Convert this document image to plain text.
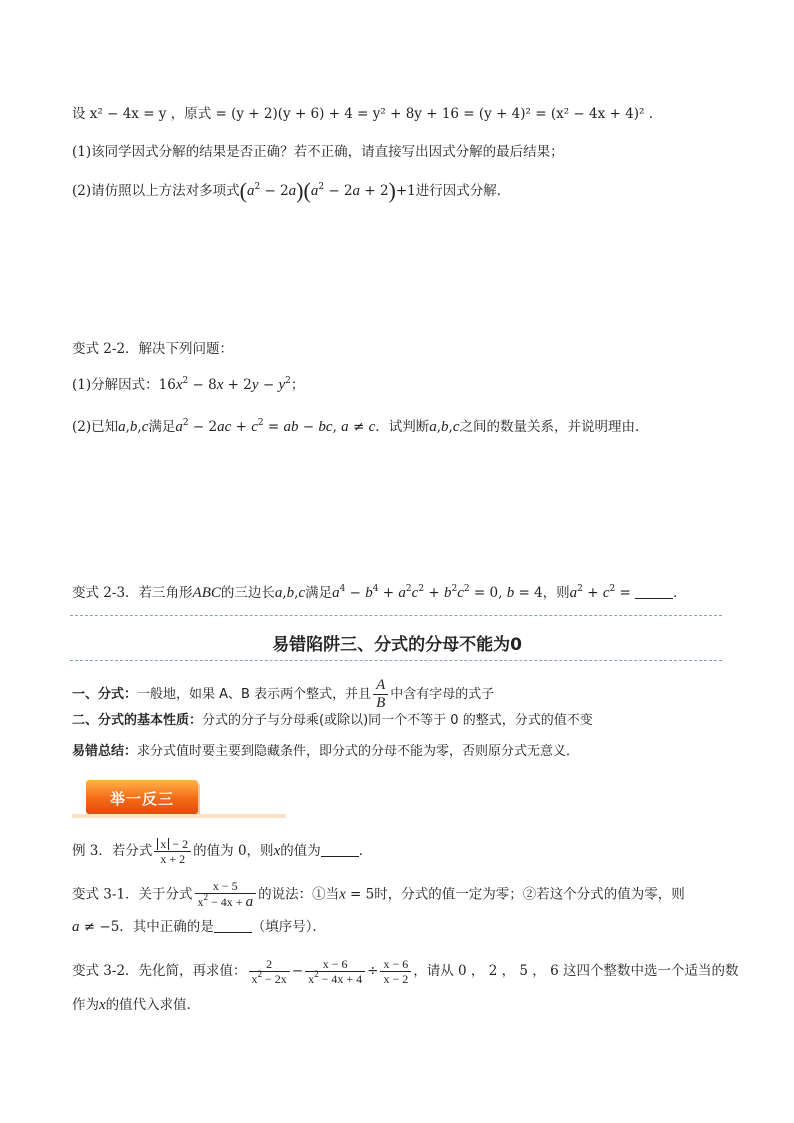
设 x² − 4x = y ，原式 = (y + 2)(y + 6) + 4 = y² + 8y + 16 = (y + 4)² = (x² − 4x + 4)² .
(1)该同学因式分解的结果是否正确？若不正确，请直接写出因式分解的最后结果；
(2)请仿照以上方法对多项式$(a^2 - 2a)(a^2 - 2a + 2)+1$进行因式分解．
变式 2-2．解决下列问题：
(1)分解因式：$16x^2 - 8x + 2y - y^2$；
(2)已知a,b,c满足$a^2 - 2ac + c^2$ = ab − bc, a ≠ c．试判断a,b,c之间的数量关系，并说明理由．
变式 2-3．若三角形ABC的三边长a,b,c满足$a^4 - b^4 + a^2c^2 + b^2c^2 = 0$, b = 4，则$a^2 + c^2$ =	．
易错陷阱三、分式的分母不能为0
一、分式：一般地，如果 A、B 表示两个整式，并且 $\frac{A}{B}$ 中含有字母的式子
二、分式的基本性质：分式的分子与分母乘(或除以)同一个不等于 0 的整式，分式的值不变
易错总结：求分式值时要主要到隐藏条件，即分式的分母不能为零，否则原分式无意义．
举一反三
例 3．若分式 $\frac{x - 2}{x + 2}$ 的值为 0，则x的值为	．
变式 3-1．关于分式 $\frac{x - 5}{x^2 - 4x + a}$ 的说法：①当x = 5时，分式的值一定为零；②若这个分式的值为零，则
a ≠ −5．其中正确的是	（填序号）．
变式 3-2．先化简，再求值： $\frac{2}{x^2 - 2x} - \frac{x - 6}{x^2 - 4x + 4} \div \frac{x - 6}{x - 2}$ ，请从 0 ， 2 ， 5 ， 6 这四个整数中选一个适当的数
作为x的值代入求值．
